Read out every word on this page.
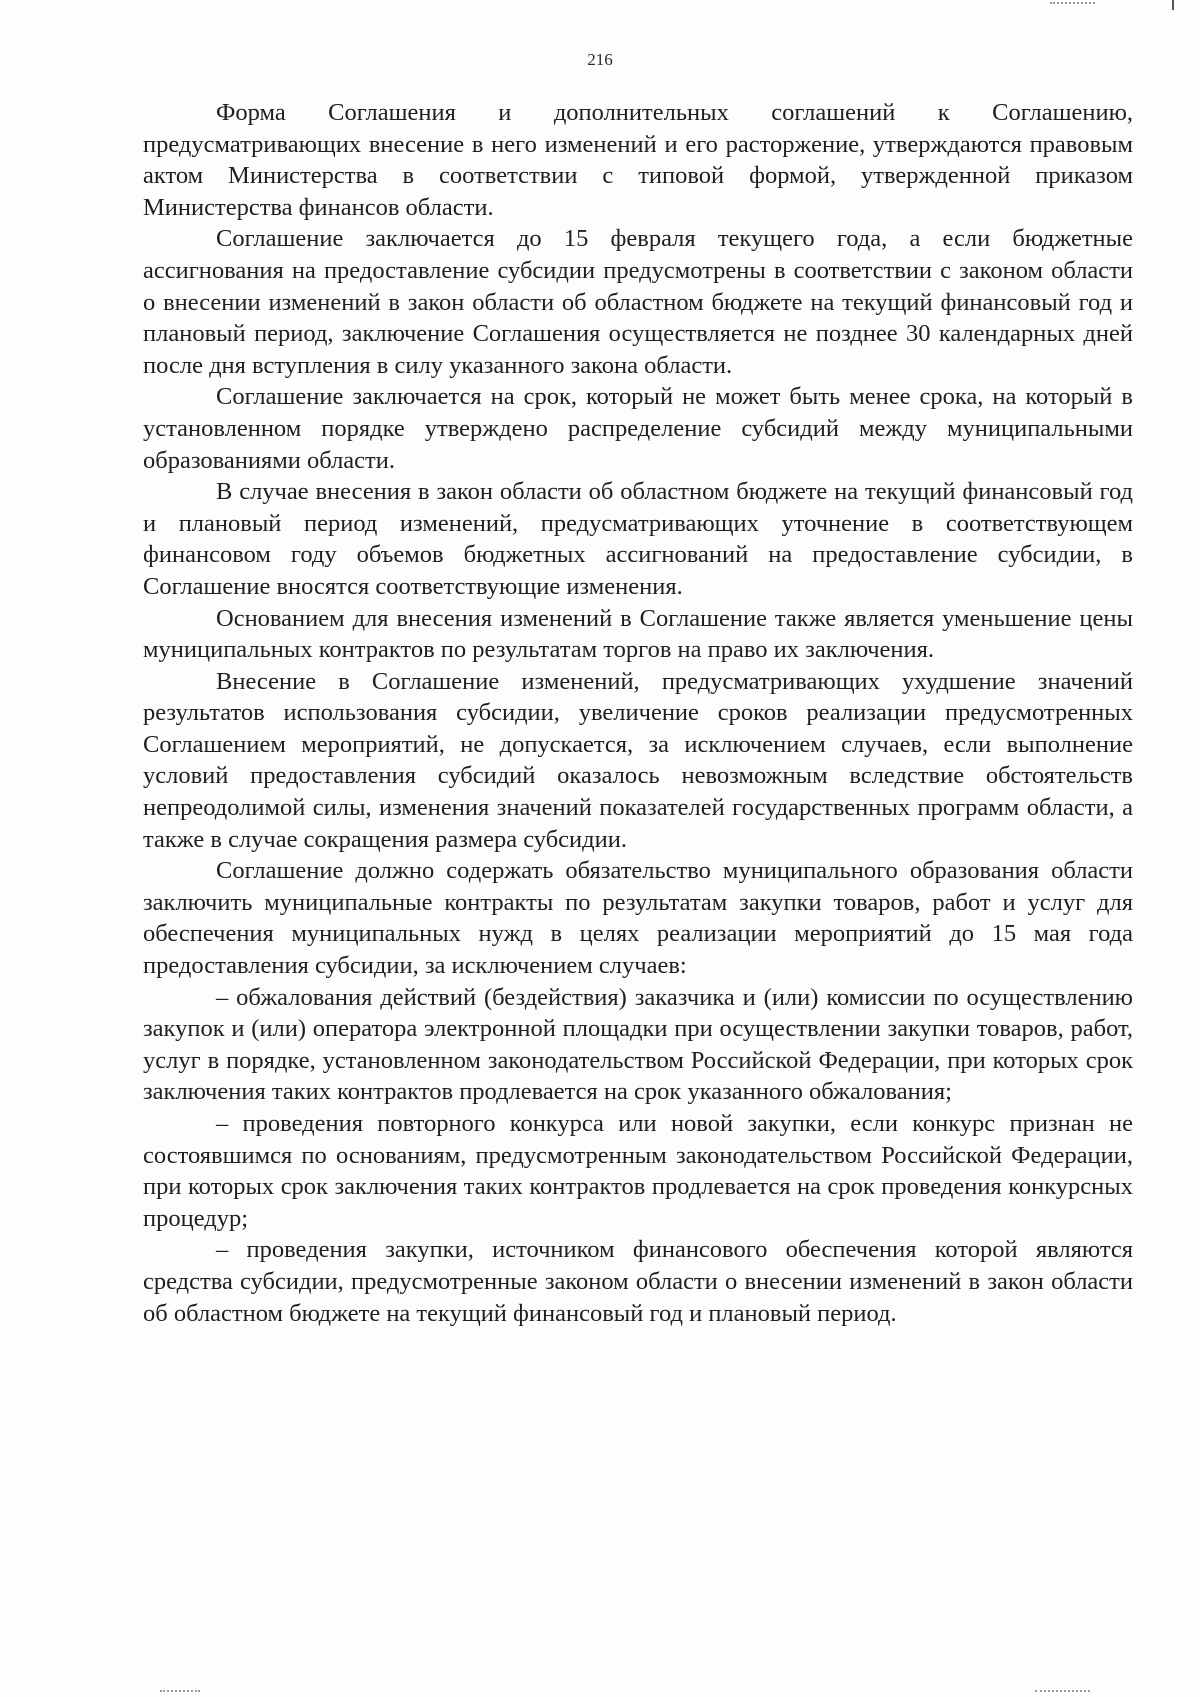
216

Форма Соглашения и дополнительных соглашений к Соглашению, предусматривающих внесение в него изменений и его расторжение, утверждаются правовым актом Министерства в соответствии с типовой формой, утвержденной приказом Министерства финансов области.

Соглашение заключается до 15 февраля текущего года, а если бюджетные ассигнования на предоставление субсидии предусмотрены в соответствии с законом области о внесении изменений в закон области об областном бюджете на текущий финансовый год и плановый период, заключение Соглашения осуществляется не позднее 30 календарных дней после дня вступления в силу указанного закона области.

Соглашение заключается на срок, который не может быть менее срока, на который в установленном порядке утверждено распределение субсидий между муниципальными образованиями области.

В случае внесения в закон области об областном бюджете на текущий финансовый год и плановый период изменений, предусматривающих уточнение в соответствующем финансовом году объемов бюджетных ассигнований на предоставление субсидии, в Соглашение вносятся соответствующие изменения.

Основанием для внесения изменений в Соглашение также является уменьшение цены муниципальных контрактов по результатам торгов на право их заключения.

Внесение в Соглашение изменений, предусматривающих ухудшение значений результатов использования субсидии, увеличение сроков реализации предусмотренных Соглашением мероприятий, не допускается, за исключением случаев, если выполнение условий предоставления субсидий оказалось невозможным вследствие обстоятельств непреодолимой силы, изменения значений показателей государственных программ области, а также в случае сокращения размера субсидии.

Соглашение должно содержать обязательство муниципального образования области заключить муниципальные контракты по результатам закупки товаров, работ и услуг для обеспечения муниципальных нужд в целях реализации мероприятий до 15 мая года предоставления субсидии, за исключением случаев:

– обжалования действий (бездействия) заказчика и (или) комиссии по осуществлению закупок и (или) оператора электронной площадки при осуществлении закупки товаров, работ, услуг в порядке, установленном законодательством Российской Федерации, при которых срок заключения таких контрактов продлевается на срок указанного обжалования;

– проведения повторного конкурса или новой закупки, если конкурс признан не состоявшимся по основаниям, предусмотренным законодательством Российской Федерации, при которых срок заключения таких контрактов продлевается на срок проведения конкурсных процедур;

– проведения закупки, источником финансового обеспечения которой являются средства субсидии, предусмотренные законом области о внесении изменений в закон области об областном бюджете на текущий финансовый год и плановый период.
